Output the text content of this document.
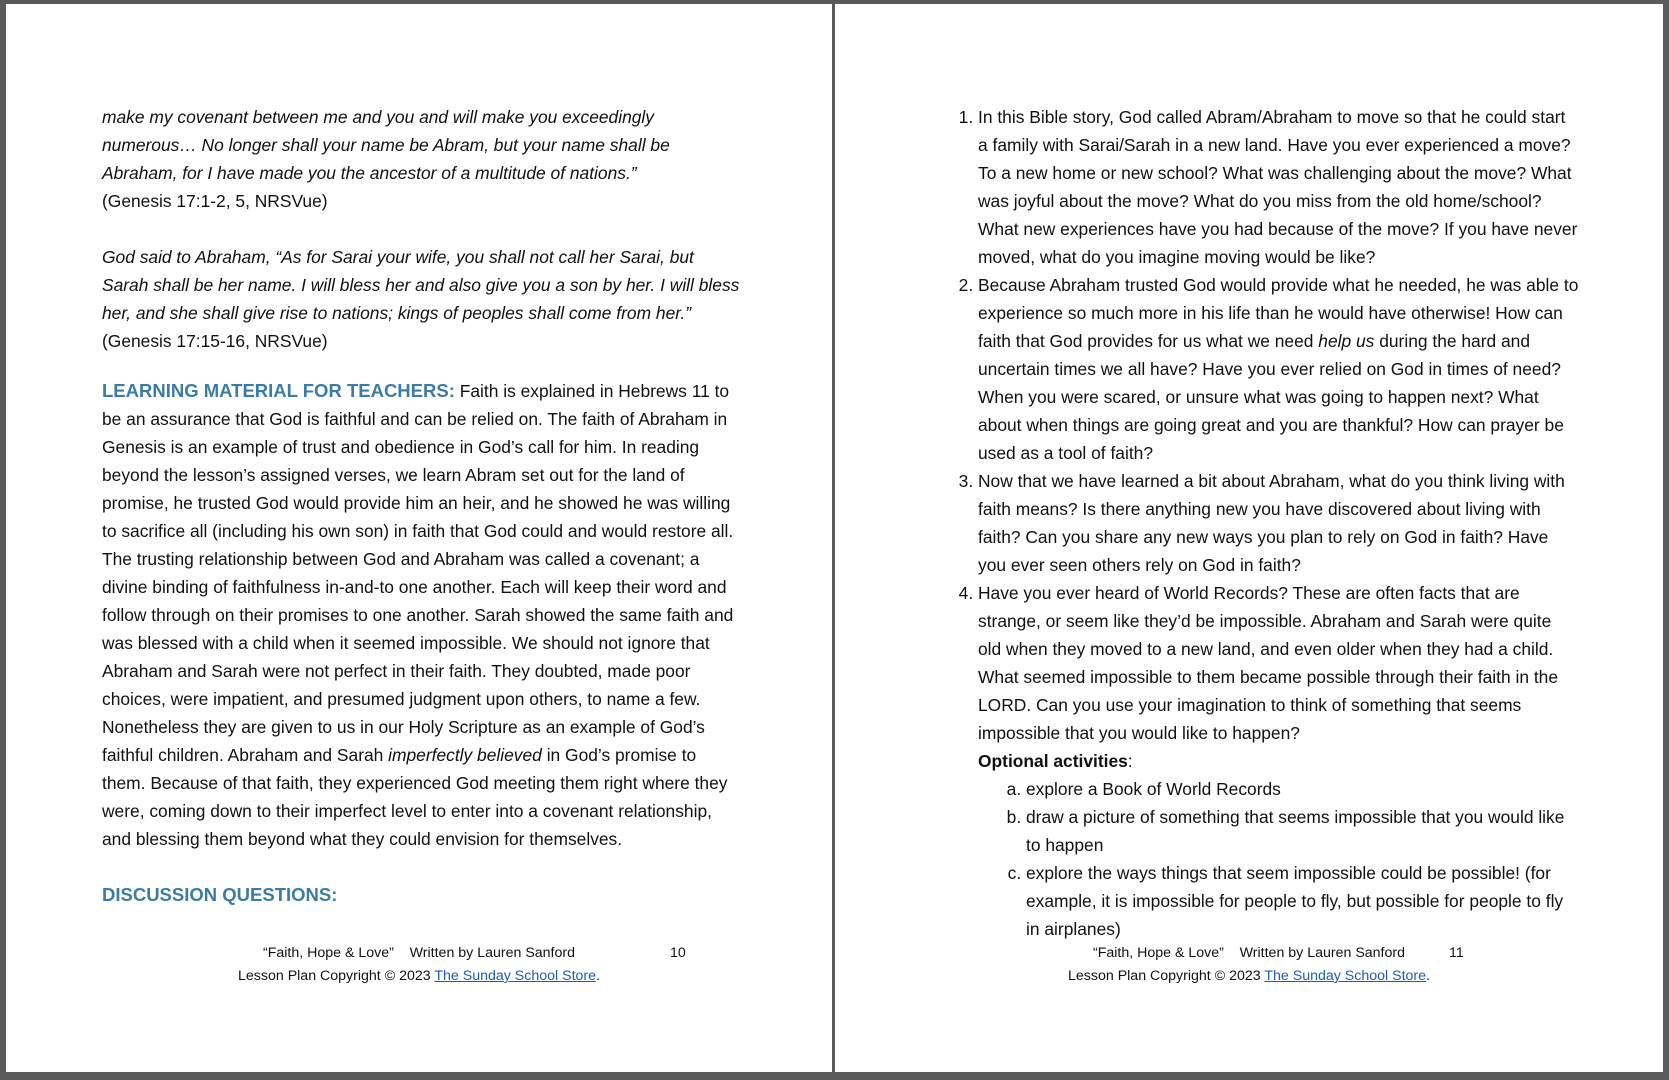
make my covenant between me and you and will make you exceedingly numerous… No longer shall your name be Abram, but your name shall be Abraham, for I have made you the ancestor of a multitude of nations.”
(Genesis 17:1-2, 5, NRSVue)

God said to Abraham, “As for Sarai your wife, you shall not call her Sarai, but Sarah shall be her name. I will bless her and also give you a son by her. I will bless her, and she shall give rise to nations; kings of peoples shall come from her.” (Genesis 17:15-16, NRSVue)

LEARNING MATERIAL FOR TEACHERS: Faith is explained in Hebrews 11 to be an assurance that God is faithful and can be relied on. The faith of Abraham in Genesis is an example of trust and obedience in God’s call for him. In reading beyond the lesson’s assigned verses, we learn Abram set out for the land of promise, he trusted God would provide him an heir, and he showed he was willing to sacrifice all (including his own son) in faith that God could and would restore all. The trusting relationship between God and Abraham was called a covenant; a divine binding of faithfulness in-and-to one another. Each will keep their word and follow through on their promises to one another. Sarah showed the same faith and was blessed with a child when it seemed impossible. We should not ignore that Abraham and Sarah were not perfect in their faith. They doubted, made poor choices, were impatient, and presumed judgment upon others, to name a few. Nonetheless they are given to us in our Holy Scripture as an example of God’s faithful children. Abraham and Sarah imperfectly believed in God’s promise to them. Because of that faith, they experienced God meeting them right where they were, coming down to their imperfect level to enter into a covenant relationship, and blessing them beyond what they could envision for themselves.

DISCUSSION QUESTIONS:

“Faith, Hope & Love” Written by Lauren Sanford	10
Lesson Plan Copyright © 2023 The Sunday School Store.
1. In this Bible story, God called Abram/Abraham to move so that he could start a family with Sarai/Sarah in a new land. Have you ever experienced a move? To a new home or new school? What was challenging about the move? What was joyful about the move? What do you miss from the old home/school? What new experiences have you had because of the move? If you have never moved, what do you imagine moving would be like?
2. Because Abraham trusted God would provide what he needed, he was able to experience so much more in his life than he would have otherwise! How can faith that God provides for us what we need help us during the hard and uncertain times we all have? Have you ever relied on God in times of need? When you were scared, or unsure what was going to happen next? What about when things are going great and you are thankful? How can prayer be used as a tool of faith?
3. Now that we have learned a bit about Abraham, what do you think living with faith means? Is there anything new you have discovered about living with faith? Can you share any new ways you plan to rely on God in faith? Have you ever seen others rely on God in faith?
4. Have you ever heard of World Records? These are often facts that are strange, or seem like they’d be impossible. Abraham and Sarah were quite old when they moved to a new land, and even older when they had a child. What seemed impossible to them became possible through their faith in the LORD. Can you use your imagination to think of something that seems impossible that you would like to happen?
Optional activities:
a. explore a Book of World Records
b. draw a picture of something that seems impossible that you would like to happen
c. explore the ways things that seem impossible could be possible! (for example, it is impossible for people to fly, but possible for people to fly in airplanes)
“Faith, Hope & Love” Written by Lauren Sanford	11
Lesson Plan Copyright © 2023 The Sunday School Store.
